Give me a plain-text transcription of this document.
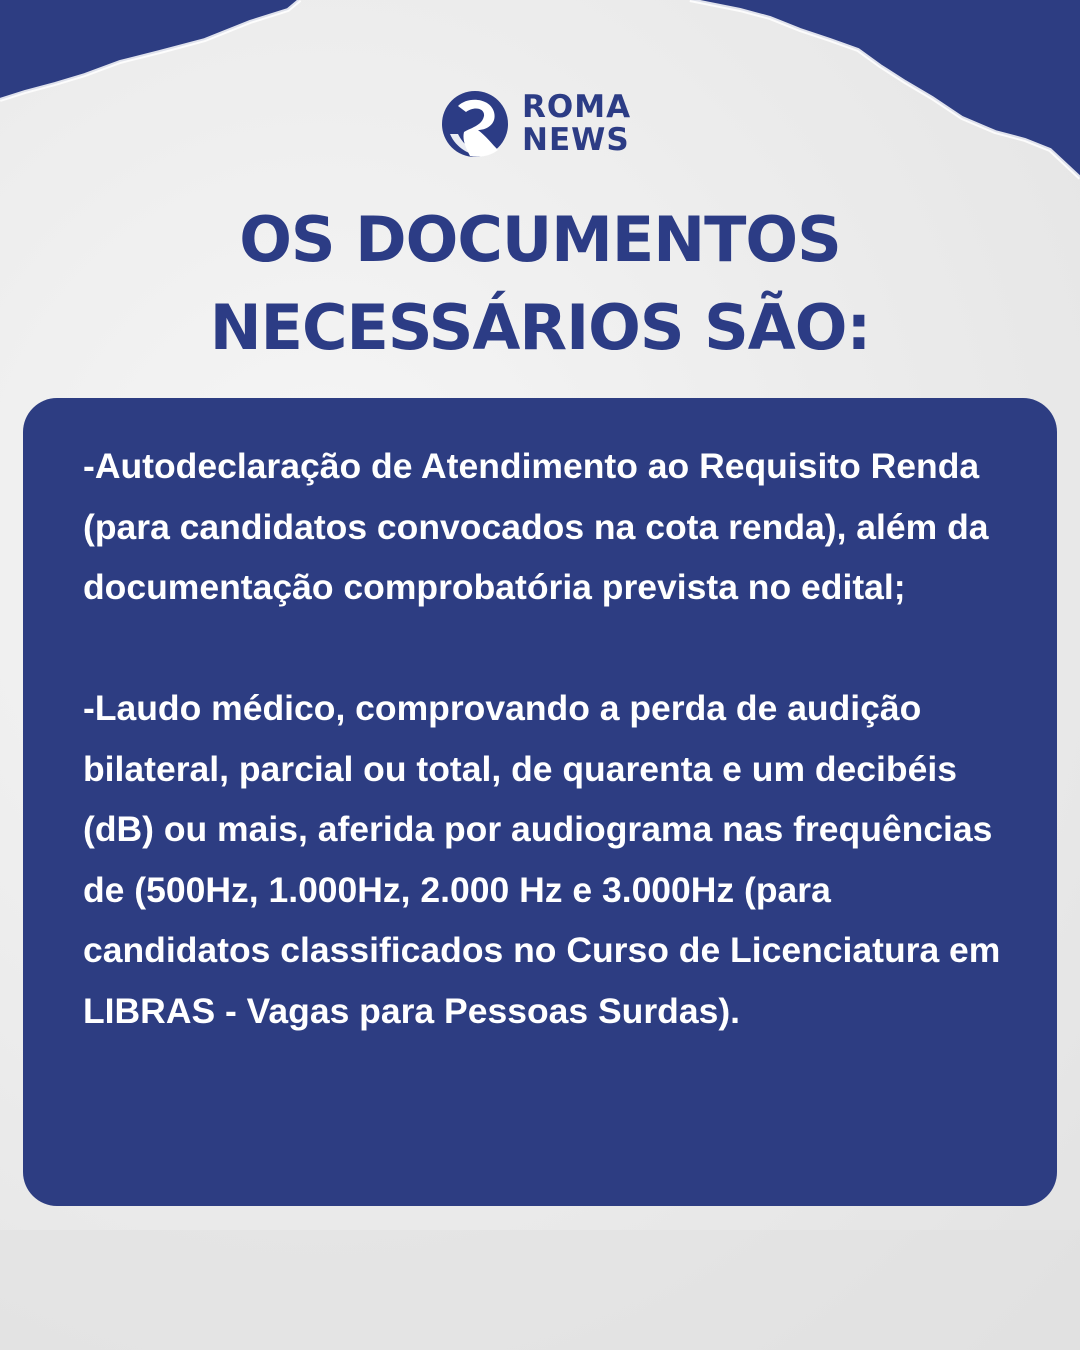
ROMA
NEWS
OS DOCUMENTOS
NECESSÁRIOS SÃO:

-Autodeclaração de Atendimento ao Requisito Renda (para candidatos convocados na cota renda), além da documentação comprobatória prevista no edital;

-Laudo médico, comprovando a perda de audição bilateral, parcial ou total, de quarenta e um decibéis (dB) ou mais, aferida por audiograma nas frequências de (500Hz, 1.000Hz, 2.000 Hz e 3.000Hz (para candidatos classificados no Curso de Licenciatura em LIBRAS - Vagas para Pessoas Surdas).
